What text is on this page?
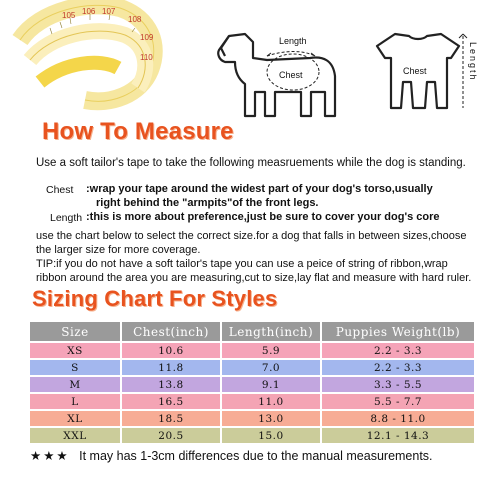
105 106 107
108
109
110
Length
Chest	Chest	Length
How To Measure
Use a soft tailor's tape to take the following measruements while the dog is standing.
Chest :wrap your tape around the widest part of your dog's torso,usually
right behind the "armpits"of the front legs.
Length :this is more about preference,just be sure to cover your dog's core
use the chart below to select the correct size.for a dog that falls in between sizes,choose
the larger size for more coverage.
TIP:if you do not have a soft tailor's tape you can use a peice of string of ribbon,wrap
ribbon around the area you are measuring,cut to size,lay flat and measure with hard ruler.
Sizing Chart For Styles
Size	Chest(inch)	Length(inch)	Puppies Weight(lb)
XS	10.6	5.9	2.2 - 3.3
S	11.8	7.0	2.2 - 3.3
M	13.8	9.1	3.3 - 5.5
L	16.5	11.0	5.5 - 7.7
XL	18.5	13.0	8.8 - 11.0
XXL	20.5	15.0	12.1 - 14.3
★★★ It may has 1-3cm differences due to the manual measurements.
